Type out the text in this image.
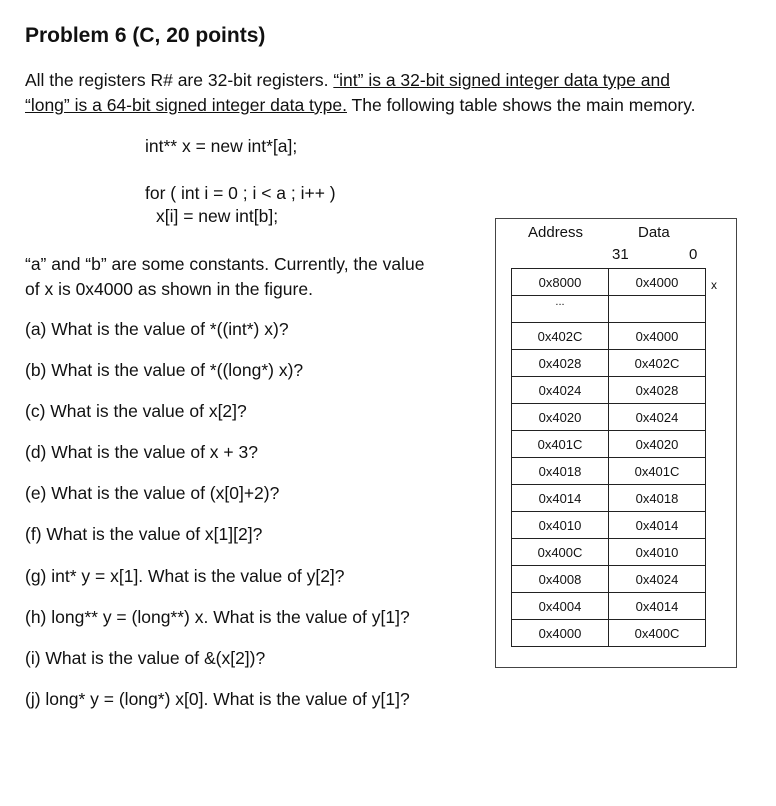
Problem 6 (C, 20 points)
All the registers R# are 32-bit registers. “int” is a 32-bit signed integer data type and
“long” is a 64-bit signed integer data type. The following table shows the main memory.
int** x = new int*[a];
for ( int i = 0 ; i < a ; i++ )
x[i] = new int[b];
“a” and “b” are some constants. Currently, the value
of x is 0x4000 as shown in the figure.
(a) What is the value of *((int*) x)?
(b) What is the value of *((long*) x)?
(c) What is the value of x[2]?
(d) What is the value of x + 3?
(e) What is the value of (x[0]+2)?
(f) What is the value of x[1][2]?
(g) int* y = x[1]. What is the value of y[2]?
(h) long** y = (long**) x. What is the value of y[1]?
(i) What is the value of &(x[2])?
(j) long* y = (long*) x[0]. What is the value of y[1]?
Address	Data
31	0
0x8000	0x4000
...	
0x402C	0x4000
0x4028	0x402C
0x4024	0x4028
0x4020	0x4024
0x401C	0x4020
0x4018	0x401C
0x4014	0x4018
0x4010	0x4014
0x400C	0x4010
0x4008	0x4024
0x4004	0x4014
0x4000	0x400C
x
